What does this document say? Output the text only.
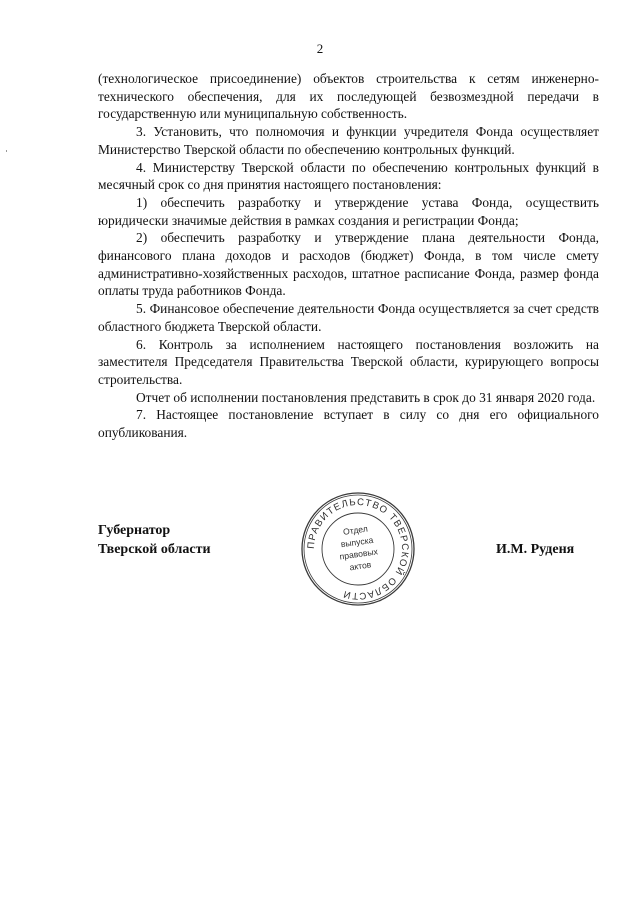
2

(технологическое присоединение) объектов строительства к сетям инженерно-технического обеспечения, для их последующей безвозмездной передачи в государственную или муниципальную собственность.

3. Установить, что полномочия и функции учредителя Фонда осуществляет Министерство Тверской области по обеспечению контрольных функций.

4. Министерству Тверской области по обеспечению контрольных функций в месячный срок со дня принятия настоящего постановления:

1) обеспечить разработку и утверждение устава Фонда, осуществить юридически значимые действия в рамках создания и регистрации Фонда;

2) обеспечить разработку и утверждение плана деятельности Фонда, финансового плана доходов и расходов (бюджет) Фонда, в том числе смету административно-хозяйственных расходов, штатное расписание Фонда, размер фонда оплаты труда работников Фонда.

5. Финансовое обеспечение деятельности Фонда осуществляется за счет средств областного бюджета Тверской области.

6. Контроль за исполнением настоящего постановления возложить на заместителя Председателя Правительства Тверской области, курирующего вопросы строительства.

Отчет об исполнении постановления представить в срок до 31 января 2020 года.

7. Настоящее постановление вступает в силу со дня его официального опубликования.

Губернатор
Тверской области	И.М. Руденя
ПРАВИТЕЛЬСТВО ТВЕРСКОЙ ОБЛАСТИ
Отдел
выпуска
правовых
актов
